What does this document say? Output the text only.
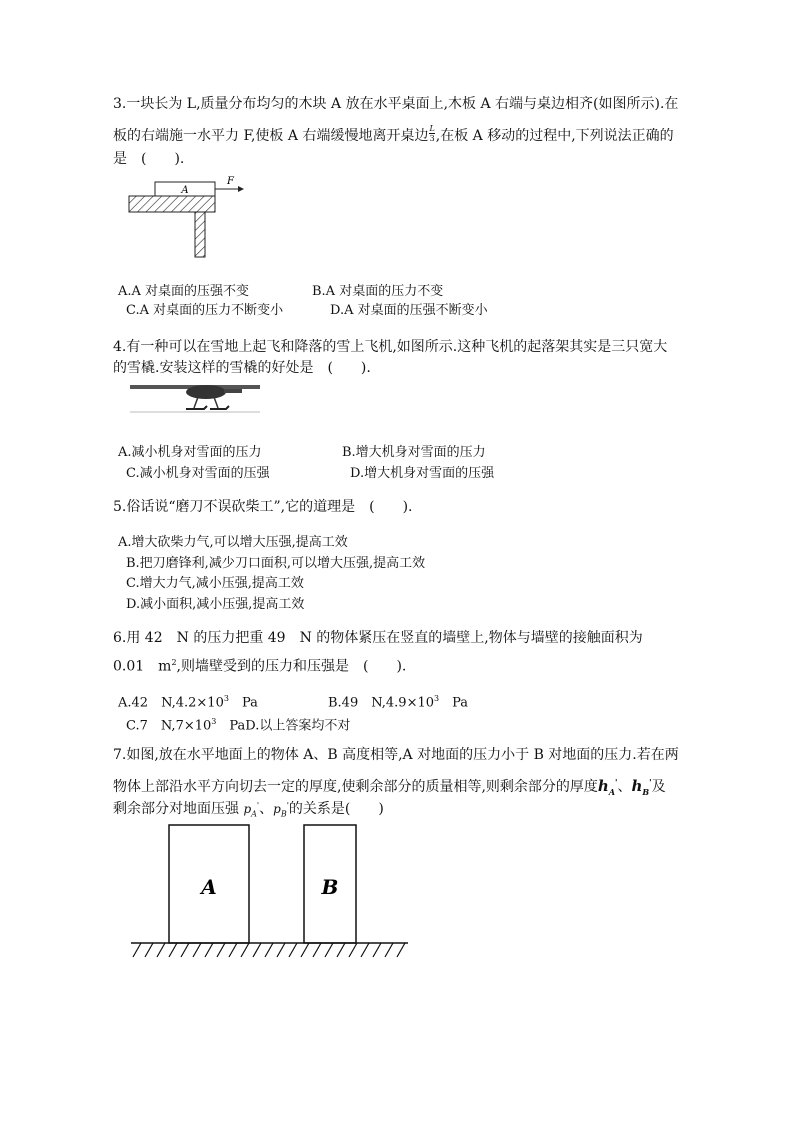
3.一块长为 L,质量分布均匀的木块 A 放在水平桌面上,木板 A 右端与桌边相齐(如图所示).在
板的右端施一水平力 F,使板 A 右端缓慢地离开桌边 $\frac{L}{3}$ ,在板 A 移动的过程中,下列说法正确的
是　(　　).
A
F
A.A 对桌面的压强不变	B.A 对桌面的压力不变
C.A 对桌面的压力不断变小	D.A 对桌面的压强不断变小
4.有一种可以在雪地上起飞和降落的雪上飞机,如图所示.这种飞机的起落架其实是三只宽大
的雪橇.安装这样的雪橇的好处是　(　　).
A.减小机身对雪面的压力	B.增大机身对雪面的压力
C.减小机身对雪面的压强	D.增大机身对雪面的压强
5.俗话说“磨刀不误砍柴工”,它的道理是　(　　).
A.增大砍柴力气,可以增大压强,提高工效
B.把刀磨锋利,减少刀口面积,可以增大压强,提高工效
C.增大力气,减小压强,提高工效
D.减小面积,减小压强,提高工效
6.用 42　N 的压力把重 49　N 的物体紧压在竖直的墙壁上,物体与墙壁的接触面积为
0.01　$m^2$,则墙壁受到的压力和压强是　(　　).
A.42　$N,4.2\times 10^3$　Pa	B.49　$N,4.9\times 10^3$　Pa
C.7　$N,7\times 10^3$　PaD.以上答案均不对
7.如图,放在水平地面上的物体 A、B 高度相等,A 对地面的压力小于 B 对地面的压力.若在两
物体上部沿水平方向切去一定的厚度,使剩余部分的质量相等,则剩余部分的厚度$h_A'$、$h_B'$及
剩余部分对地面压强 $p_A'$、$p_B'$的关系是(　　)
A	B
